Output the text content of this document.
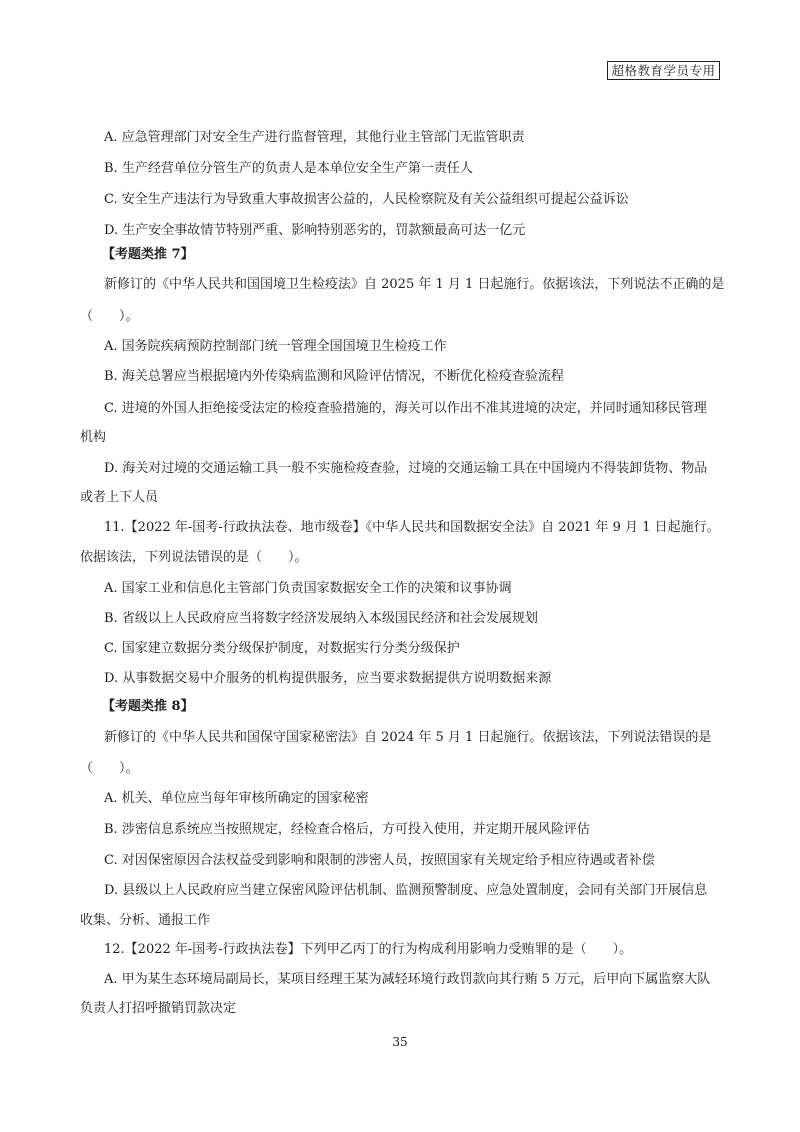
超格教育学员专用
A. 应急管理部门对安全生产进行监督管理，其他行业主管部门无监管职责
B. 生产经营单位分管生产的负责人是本单位安全生产第一责任人
C. 安全生产违法行为导致重大事故损害公益的，人民检察院及有关公益组织可提起公益诉讼
D. 生产安全事故情节特别严重、影响特别恶劣的，罚款额最高可达一亿元
【考题类推 7】
新修订的《中华人民共和国国境卫生检疫法》自 2025 年 1 月 1 日起施行。依据该法，下列说法不正确的是
（　　）。
A. 国务院疾病预防控制部门统一管理全国国境卫生检疫工作
B. 海关总署应当根据境内外传染病监测和风险评估情况，不断优化检疫查验流程
C. 进境的外国人拒绝接受法定的检疫查验措施的，海关可以作出不准其进境的决定，并同时通知移民管理
机构
D. 海关对过境的交通运输工具一般不实施检疫查验，过境的交通运输工具在中国境内不得装卸货物、物品
或者上下人员
11.【2022 年-国考-行政执法卷、地市级卷】《中华人民共和国数据安全法》自 2021 年 9 月 1 日起施行。
依据该法，下列说法错误的是（　　）。
A. 国家工业和信息化主管部门负责国家数据安全工作的决策和议事协调
B. 省级以上人民政府应当将数字经济发展纳入本级国民经济和社会发展规划
C. 国家建立数据分类分级保护制度，对数据实行分类分级保护
D. 从事数据交易中介服务的机构提供服务，应当要求数据提供方说明数据来源
【考题类推 8】
新修订的《中华人民共和国保守国家秘密法》自 2024 年 5 月 1 日起施行。依据该法，下列说法错误的是
（　　）。
A. 机关、单位应当每年审核所确定的国家秘密
B. 涉密信息系统应当按照规定，经检查合格后，方可投入使用，并定期开展风险评估
C. 对因保密原因合法权益受到影响和限制的涉密人员，按照国家有关规定给予相应待遇或者补偿
D. 县级以上人民政府应当建立保密风险评估机制、监测预警制度、应急处置制度，会同有关部门开展信息
收集、分析、通报工作
12.【2022 年-国考-行政执法卷】下列甲乙丙丁的行为构成利用影响力受贿罪的是（　　）。
A. 甲为某生态环境局副局长，某项目经理王某为减轻环境行政罚款向其行贿 5 万元，后甲向下属监察大队
负责人打招呼撤销罚款决定
35
